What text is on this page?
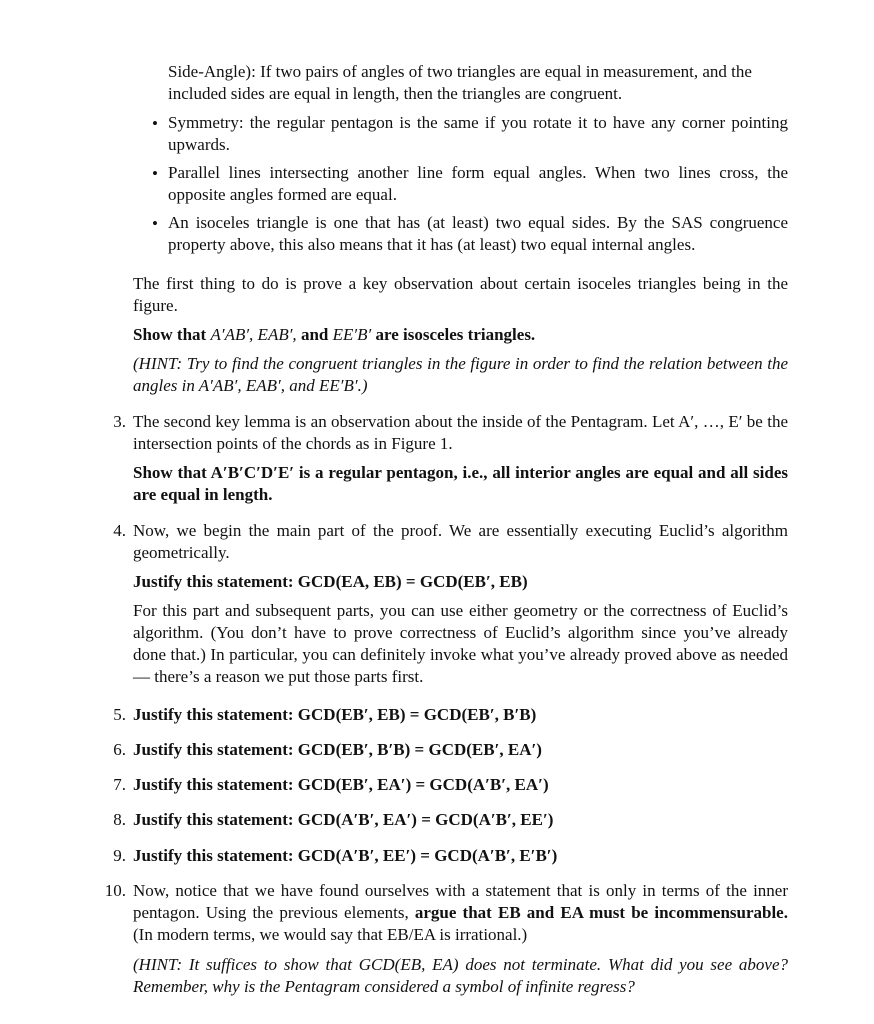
Side-Angle): If two pairs of angles of two triangles are equal in measurement, and the
included sides are equal in length, then the triangles are congruent.
• Symmetry: the regular pentagon is the same if you rotate it to have any corner pointing upwards.
• Parallel lines intersecting another line form equal angles. When two lines cross, the opposite angles formed are equal.
• An isoceles triangle is one that has (at least) two equal sides. By the SAS congruence property above, this also means that it has (at least) two equal internal angles.
The first thing to do is prove a key observation about certain isoceles triangles being in the figure.
Show that A′AB′, EAB′, and EE′B′ are isosceles triangles.
(HINT: Try to find the congruent triangles in the figure in order to find the relation between the angles in A′AB′, EAB′, and EE′B′.)
3. The second key lemma is an observation about the inside of the Pentagram. Let A′, …, E′ be the intersection points of the chords as in Figure 1.
Show that A′B′C′D′E′ is a regular pentagon, i.e., all interior angles are equal and all sides are equal in length.
4. Now, we begin the main part of the proof. We are essentially executing Euclid’s algorithm geometrically.
Justify this statement: GCD(EA, EB) = GCD(EB′, EB)
For this part and subsequent parts, you can use either geometry or the correctness of Euclid’s algorithm. (You don’t have to prove correctness of Euclid’s algorithm since you’ve already done that.) In particular, you can definitely invoke what you’ve already proved above as needed — there’s a reason we put those parts first.
5. Justify this statement: GCD(EB′, EB) = GCD(EB′, B′B)
6. Justify this statement: GCD(EB′, B′B) = GCD(EB′, EA′)
7. Justify this statement: GCD(EB′, EA′) = GCD(A′B′, EA′)
8. Justify this statement: GCD(A′B′, EA′) = GCD(A′B′, EE′)
9. Justify this statement: GCD(A′B′, EE′) = GCD(A′B′, E′B′)
10. Now, notice that we have found ourselves with a statement that is only in terms of the inner pentagon. Using the previous elements, argue that EB and EA must be incommensurable. (In modern terms, we would say that EB/EA is irrational.)
(HINT: It suffices to show that GCD(EB, EA) does not terminate. What did you see above? Remember, why is the Pentagram considered a symbol of infinite regress?
